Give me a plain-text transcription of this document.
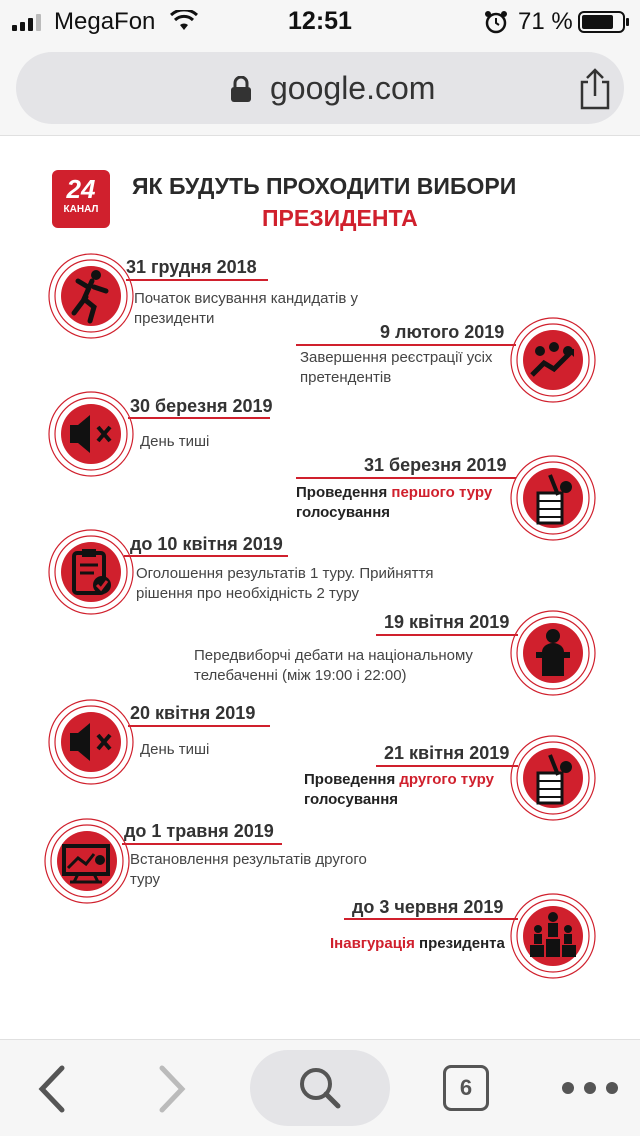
MegaFon	12:51	71 %
google.com
24
КАНАЛ
ЯК БУДУТЬ ПРОХОДИТИ ВИБОРИ
ПРЕЗИДЕНТА
31 грудня 2018
Початок висування кандидатів у президенти
9 лютого 2019
Завершення реєстрації усіх претендентів
30 березня 2019
День тиші
31 березня 2019
Проведення першого туру
голосування
до 10 квітня 2019
Оголошення результатів 1 туру. Прийняття рішення про необхідність 2 туру
19 квітня 2019
Передвиборчі дебати на національному телебаченні (між 19:00 і 22:00)
20 квітня 2019
День тиші	21 квітня 2019
Проведення другого туру
голосування
до 1 травня 2019
Встановлення результатів другого туру
до 3 червня 2019
Інавгурація президента
6
